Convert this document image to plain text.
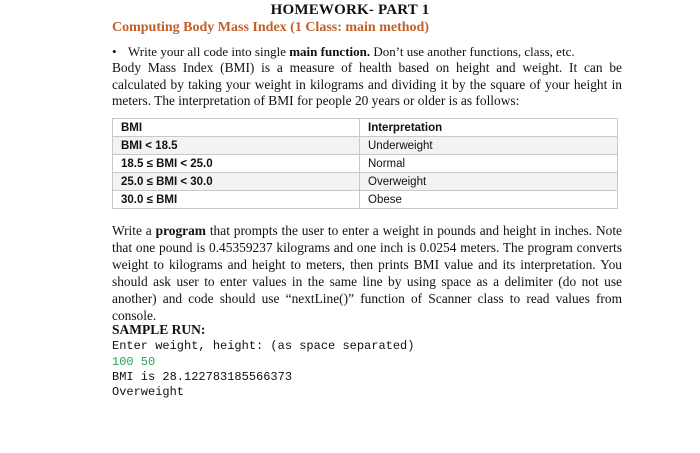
HOMEWORK- PART 1
Computing Body Mass Index (1 Class: main method)
• Write your all code into single main function. Don’t use another functions, class, etc.
Body Mass Index (BMI) is a measure of health based on height and weight. It can be calculated by taking your weight in kilograms and dividing it by the square of your height in meters. The interpretation of BMI for people 20 years or older is as follows:
BMI	Interpretation
BMI < 18.5	Underweight
18.5 ≤ BMI < 25.0	Normal
25.0 ≤ BMI < 30.0	Overweight
30.0 ≤ BMI	Obese
Write a program that prompts the user to enter a weight in pounds and height in inches. Note that one pound is 0.45359237 kilograms and one inch is 0.0254 meters. The program converts weight to kilograms and height to meters, then prints BMI value and its interpretation. You should ask user to enter values in the same line by using space as a delimiter (do not use another) and code should use “nextLine()” function of Scanner class to read values from console.
SAMPLE RUN:
Enter weight, height: (as space separated)
100 50
BMI is 28.122783185566373
Overweight
